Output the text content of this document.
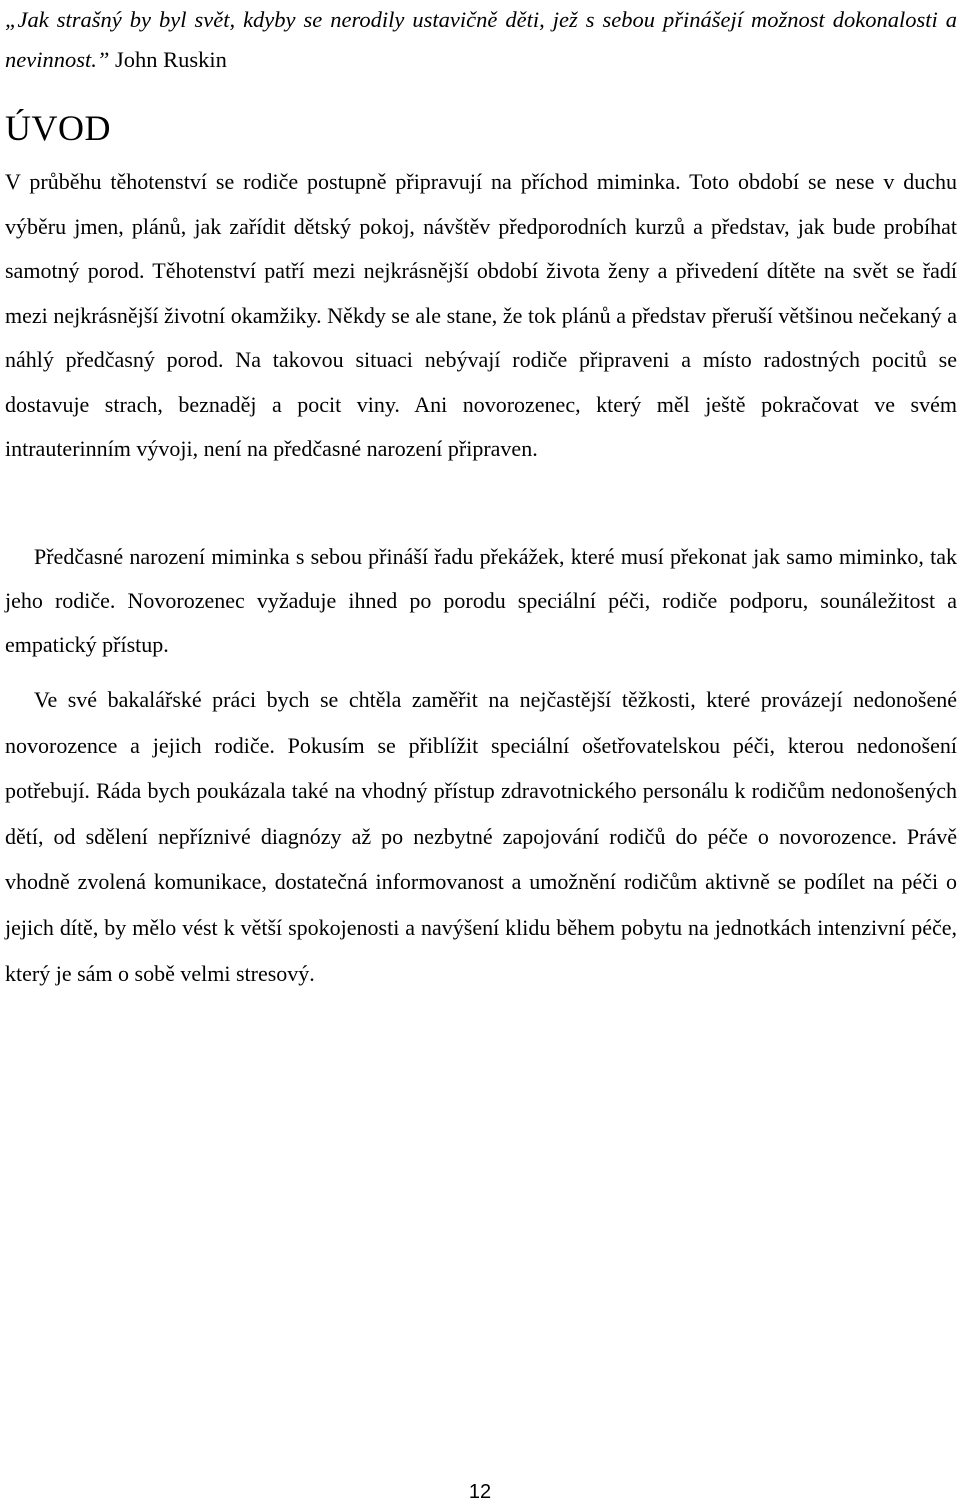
„Jak strašný by byl svět, kdyby se nerodily ustavičně děti, jež s sebou přinášejí možnost dokonalosti a nevinnost.” John Ruskin
ÚVOD

V průběhu těhotenství se rodiče postupně připravují na příchod miminka. Toto období se nese v duchu výběru jmen, plánů, jak zařídit dětský pokoj, návštěv předporodních kurzů a představ, jak bude probíhat samotný porod. Těhotenství patří mezi nejkrásnější období života ženy a přivedení dítěte na svět se řadí mezi nejkrásnější životní okamžiky. Někdy se ale stane, že tok plánů a představ přeruší většinou nečekaný a náhlý předčasný porod. Na takovou situaci nebývají rodiče připraveni a místo radostných pocitů se dostavuje strach, beznaděj a pocit viny. Ani novorozenec, který měl ještě pokračovat ve svém intrauterinním vývoji, není na předčasné narození připraven.

Předčasné narození miminka s sebou přináší řadu překážek, které musí překonat jak samo miminko, tak jeho rodiče. Novorozenec vyžaduje ihned po porodu speciální péči, rodiče podporu, sounáležitost a empatický přístup.

Ve své bakalářské práci bych se chtěla zaměřit na nejčastější těžkosti, které provázejí nedonošené novorozence a jejich rodiče. Pokusím se přiblížit speciální ošetřovatelskou péči, kterou nedonošení potřebují. Ráda bych poukázala také na vhodný přístup zdravotnického personálu k rodičům nedonošených dětí, od sdělení nepříznivé diagnózy až po nezbytné zapojování rodičů do péče o novorozence. Právě vhodně zvolená komunikace, dostatečná informovanost a umožnění rodičům aktivně se podílet na péči o jejich dítě, by mělo vést k větší spokojenosti a navýšení klidu během pobytu na jednotkách intenzivní péče, který je sám o sobě velmi stresový.

12
